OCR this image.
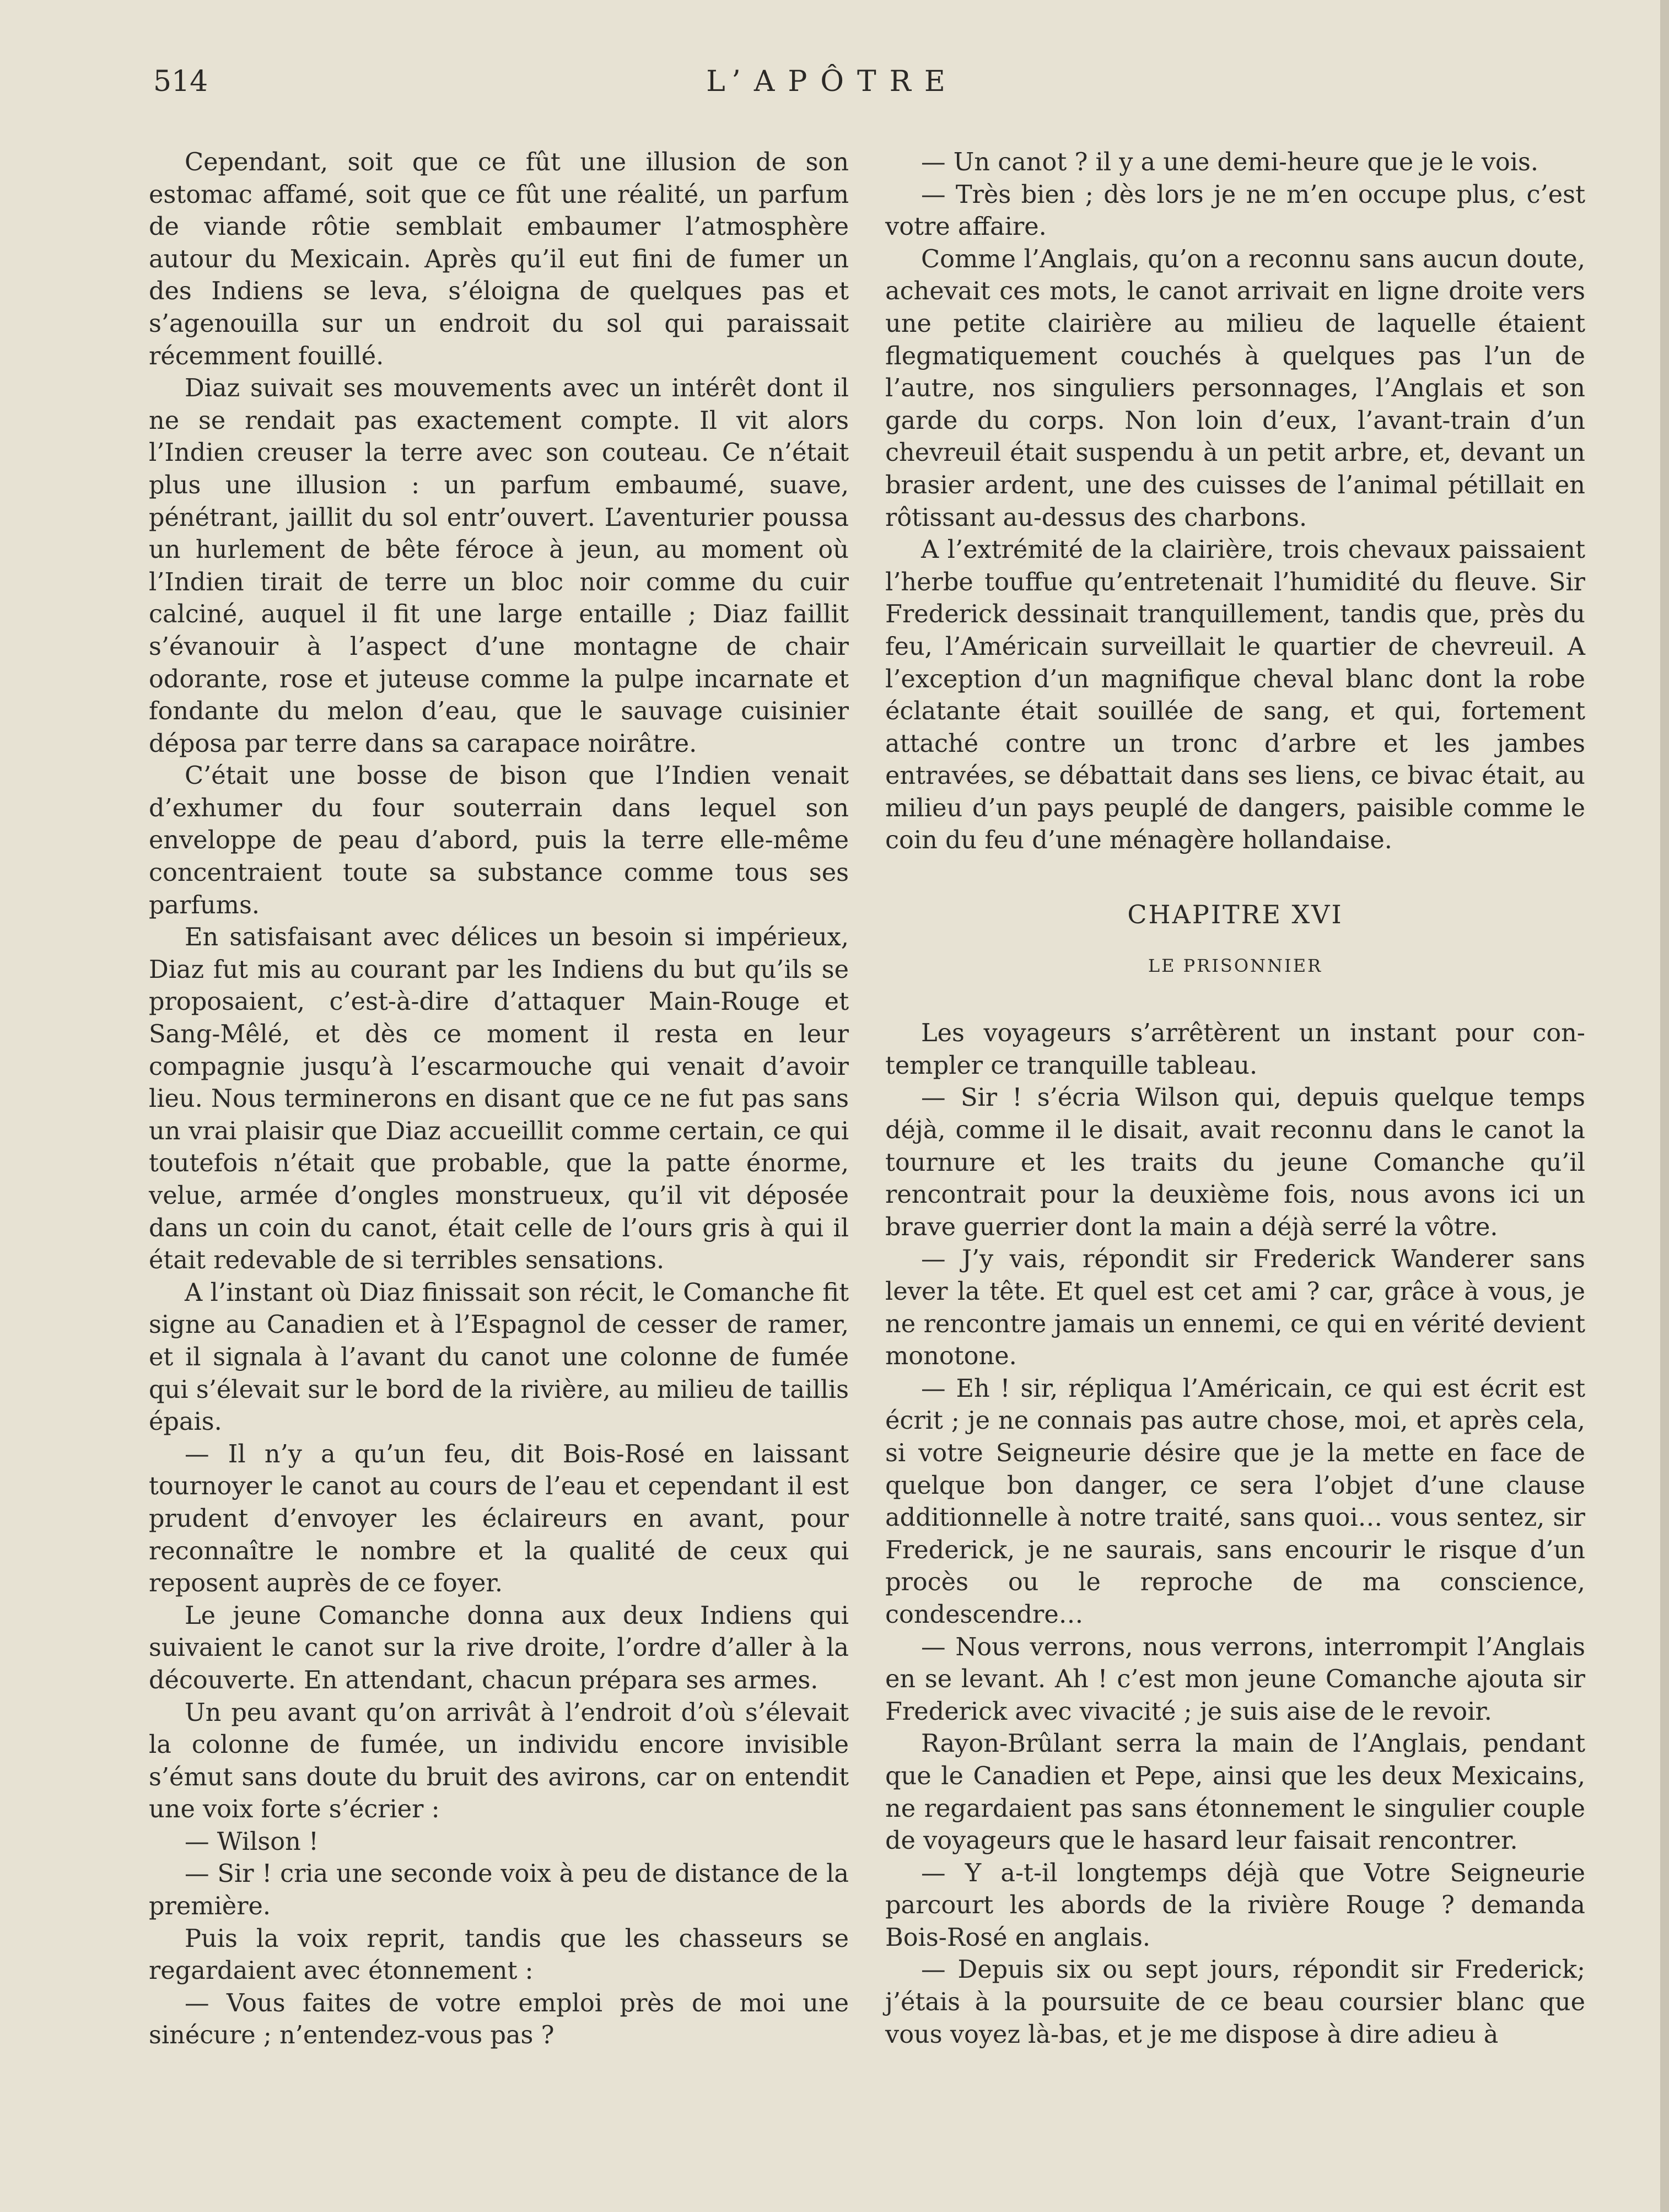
514	L’APÔTRE

Cependant, soit que ce fût une illusion de son estomac affamé, soit que ce fût une réalité, un parfum de viande rôtie semblait embaumer l’atmosphère autour du Mexicain. Après qu’il eut fini de fumer un des Indiens se leva, s’éloigna de quelques pas et s’agenouilla sur un endroit du sol qui paraissait récemment fouillé.

Diaz suivait ses mouvements avec un intérêt dont il ne se rendait pas exactement compte. Il vit alors l’Indien creuser la terre avec son couteau. Ce n’était plus une illusion : un parfum embaumé, suave, pénétrant, jaillit du sol entr’ouvert. L’aventurier poussa un hurlement de bête féroce à jeun, au moment où l’Indien tirait de terre un bloc noir comme du cuir calciné, auquel il fit une large entaille ; Diaz faillit s’évanouir à l’aspect d’une montagne de chair odorante, rose et juteuse comme la pulpe incarnate et fondante du melon d’eau, que le sauvage cuisinier déposa par terre dans sa carapace noirâtre.

C’était une bosse de bison que l’Indien venait d’exhumer du four souterrain dans lequel son enveloppe de peau d’abord, puis la terre elle-même concentraient toute sa substance comme tous ses parfums.

En satisfaisant avec délices un besoin si impérieux, Diaz fut mis au courant par les Indiens du but qu’ils se proposaient, c’est-à-dire d’attaquer Main-Rouge et Sang-Mêlé, et dès ce moment il resta en leur compagnie jusqu’à l’escarmouche qui venait d’avoir lieu. Nous terminerons en disant que ce ne fut pas sans un vrai plaisir que Diaz accueillit comme certain, ce qui toutefois n’était que probable, que la patte énorme, velue, armée d’ongles monstrueux, qu’il vit déposée dans un coin du canot, était celle de l’ours gris à qui il était redevable de si terribles sensations.

A l’instant où Diaz finissait son récit, le Comanche fit signe au Canadien et à l’Espagnol de cesser de ramer, et il signala à l’avant du canot une colonne de fumée qui s’élevait sur le bord de la rivière, au milieu de taillis épais.

— Il n’y a qu’un feu, dit Bois-Rosé en laissant tournoyer le canot au cours de l’eau et cependant il est prudent d’envoyer les éclaireurs en avant, pour reconnaître le nombre et la qualité de ceux qui reposent auprès de ce foyer.

Le jeune Comanche donna aux deux Indiens qui suivaient le canot sur la rive droite, l’ordre d’aller à la découverte. En attendant, chacun prépara ses armes.

Un peu avant qu’on arrivât à l’endroit d’où s’élevait la colonne de fumée, un individu encore invisible s’émut sans doute du bruit des avirons, car on entendit une voix forte s’écrier :

— Wilson !

— Sir ! cria une seconde voix à peu de distance de la première.

Puis la voix reprit, tandis que les chasseurs se regardaient avec étonnement :

— Vous faites de votre emploi près de moi une sinécure ; n’entendez-vous pas ?

— Un canot ? il y a une demi-heure que je le vois.

— Très bien ; dès lors je ne m’en occupe plus, c’est votre affaire.

Comme l’Anglais, qu’on a reconnu sans aucun doute, achevait ces mots, le canot arrivait en ligne droite vers une petite clairière au milieu de laquelle étaient flegmatiquement couchés à quelques pas l’un de l’autre, nos singuliers personnages, l’Anglais et son garde du corps. Non loin d’eux, l’avant-train d’un chevreuil était suspendu à un petit arbre, et, devant un brasier ardent, une des cuisses de l’animal pétillait en rôtissant au-dessus des charbons.

A l’extrémité de la clairière, trois chevaux paissaient l’herbe touffue qu’entretenait l’humidité du fleuve. Sir Frederick dessinait tranquillement, tandis que, près du feu, l’Américain surveillait le quartier de chevreuil. A l’exception d’un magnifique cheval blanc dont la robe éclatante était souillée de sang, et qui, fortement attaché contre un tronc d’arbre et les jambes entravées, se débattait dans ses liens, ce bivac était, au milieu d’un pays peuplé de dangers, paisible comme le coin du feu d’une ménagère hollandaise.

CHAPITRE XVI
LE PRISONNIER

Les voyageurs s’arrêtèrent un instant pour contempler ce tranquille tableau.

— Sir ! s’écria Wilson qui, depuis quelque temps déjà, comme il le disait, avait reconnu dans le canot la tournure et les traits du jeune Comanche qu’il rencontrait pour la deuxième fois, nous avons ici un brave guerrier dont la main a déjà serré la vôtre.

— J’y vais, répondit sir Frederick Wanderer sans lever la tête. Et quel est cet ami ? car, grâce à vous, je ne rencontre jamais un ennemi, ce qui en vérité devient monotone.

— Eh ! sir, répliqua l’Américain, ce qui est écrit est écrit ; je ne connais pas autre chose, moi, et après cela, si votre Seigneurie désire que je la mette en face de quelque bon danger, ce sera l’objet d’une clause additionnelle à notre traité, sans quoi… vous sentez, sir Frederick, je ne saurais, sans encourir le risque d’un procès ou le reproche de ma conscience, condescendre…

— Nous verrons, nous verrons, interrompit l’Anglais en se levant. Ah ! c’est mon jeune Comanche ajouta sir Frederick avec vivacité ; je suis aise de le revoir.

Rayon-Brûlant serra la main de l’Anglais, pendant que le Canadien et Pepe, ainsi que les deux Mexicains, ne regardaient pas sans étonnement le singulier couple de voyageurs que le hasard leur faisait rencontrer.

— Y a-t-il longtemps déjà que Votre Seigneurie parcourt les abords de la rivière Rouge ? demanda Bois-Rosé en anglais.

— Depuis six ou sept jours, répondit sir Frederick; j’étais à la poursuite de ce beau coursier blanc que vous voyez là-bas, et je me dispose à dire adieu à
